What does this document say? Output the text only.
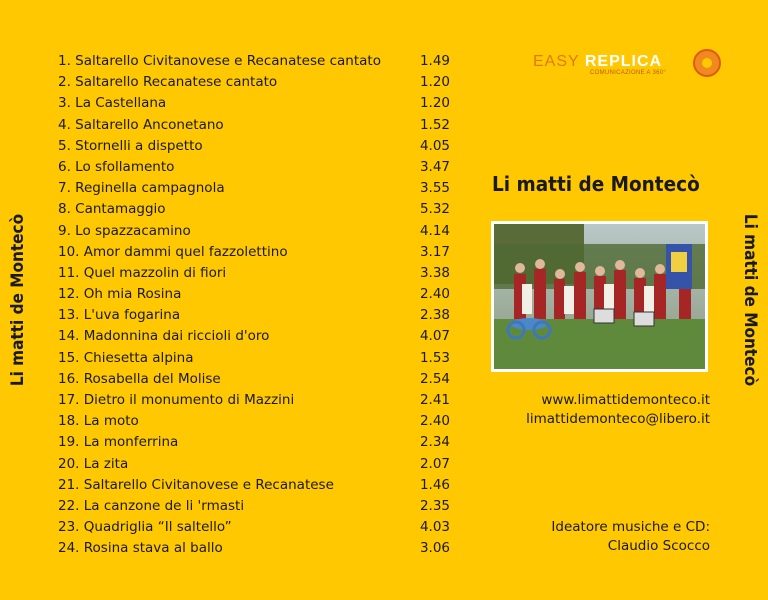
Li matti de Montecò
1. Saltarello Civitanovese e Recanatese cantato	1.49
2. Saltarello Recanatese cantato	1.20
3. La Castellana	1.20
4. Saltarello Anconetano	1.52
5. Stornelli a dispetto	4.05
6. Lo sfollamento	3.47
7. Reginella campagnola	3.55
8. Cantamaggio	5.32
9. Lo spazzacamino	4.14
10. Amor dammi quel fazzolettino	3.17
11. Quel mazzolin di fiori	3.38
12. Oh mia Rosina	2.40
13. L'uva fogarina	2.38
14. Madonnina dai riccioli d'oro	4.07
15. Chiesetta alpina	1.53
16. Rosabella del Molise	2.54
17. Dietro il monumento di Mazzini	2.41
18. La moto	2.40
19. La monferrina	2.34
20. La zita	2.07
21. Saltarello Civitanovese e Recanatese	1.46
22. La canzone de li 'rmasti	2.35
23. Quadriglia “Il saltello”	4.03
24. Rosina stava al ballo	3.06
EASY REPLICA
COMUNICAZIONE A 360°
Li matti de Montecò
www.limattidemonteco.it
limattidemonteco@libero.it
Ideatore musiche e CD:
Claudio Scocco
Li matti de Montecò
